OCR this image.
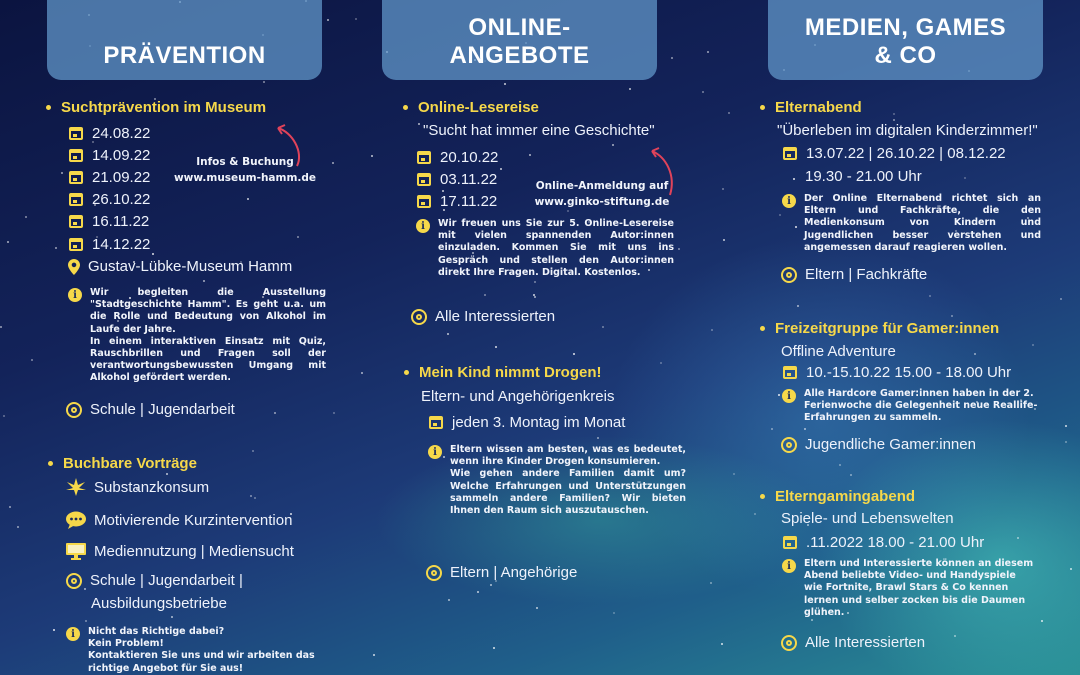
PRÄVENTION
ONLINE-
ANGEBOTE
MEDIEN, GAMES
& CO
Suchtprävention im Museum
24.08.22
14.09.22
21.09.22
26.10.22
16.11.22
14.12.22
Gustav-Lübke-Museum Hamm
Infos & Buchung
www.museum-hamm.de
i	Wir begleiten die Ausstellung "Stadtgeschichte Hamm". Es geht u.a. um die Rolle und Bedeutung von Alkohol im Laufe der Jahre.
In einem interaktiven Einsatz mit Quiz, Rauschbrillen und Fragen soll der verantwortungsbewussten Umgang mit Alkohol gefördert werden.
Schule | Jugendarbeit
Buchbare Vorträge
Substanzkonsum
Motivierende Kurzintervention
Mediennutzung | Mediensucht
Schule | Jugendarbeit |
Ausbildungsbetriebe
i	Nicht das Richtige dabei?
Kein Problem!
Kontaktieren Sie uns und wir arbeiten das richtige Angebot für Sie aus!
Online-Lesereise
"Sucht hat immer eine Geschichte"
20.10.22
03.11.22
17.11.22
Online-Anmeldung auf
www.ginko-stiftung.de
i	Wir freuen uns Sie zur 5. Online-Lesereise mit vielen spannenden Autor:innen einzuladen. Kommen Sie mit uns ins Gespräch und stellen den Autor:innen direkt Ihre Fragen. Digital. Kostenlos.
Alle Interessierten
Mein Kind nimmt Drogen!
Eltern- und Angehörigenkreis
jeden 3. Montag im Monat
i	Eltern wissen am besten, was es bedeutet, wenn ihre Kinder Drogen konsumieren.
Wie gehen andere Familien damit um? Welche Erfahrungen und Unterstützungen sammeln andere Familien? Wir bieten Ihnen den Raum sich auszutauschen.
Eltern | Angehörige
Elternabend
"Überleben im digitalen Kinderzimmer!"
13.07.22 | 26.10.22 | 08.12.22
19.30 - 21.00 Uhr
i	Der Online Elternabend richtet sich an Eltern und Fachkräfte, die den Medienkonsum von Kindern und Jugendlichen besser verstehen und angemessen darauf reagieren wollen.
Eltern | Fachkräfte
Freizeitgruppe für Gamer:innen
Offline Adventure
10.-15.10.22 15.00 - 18.00 Uhr
i	Alle Hardcore Gamer:innen haben in der 2. Ferienwoche die Gelegenheit neue Reallife- Erfahrungen zu sammeln.
Jugendliche Gamer:innen
Elterngamingabend
Spiele- und Lebenswelten
.11.2022 18.00 - 21.00 Uhr
i	Eltern und Interessierte können an diesem Abend beliebte Video- und Handyspiele wie Fortnite, Brawl Stars & Co kennen lernen und selber zocken bis die Daumen glühen.
Alle Interessierten
